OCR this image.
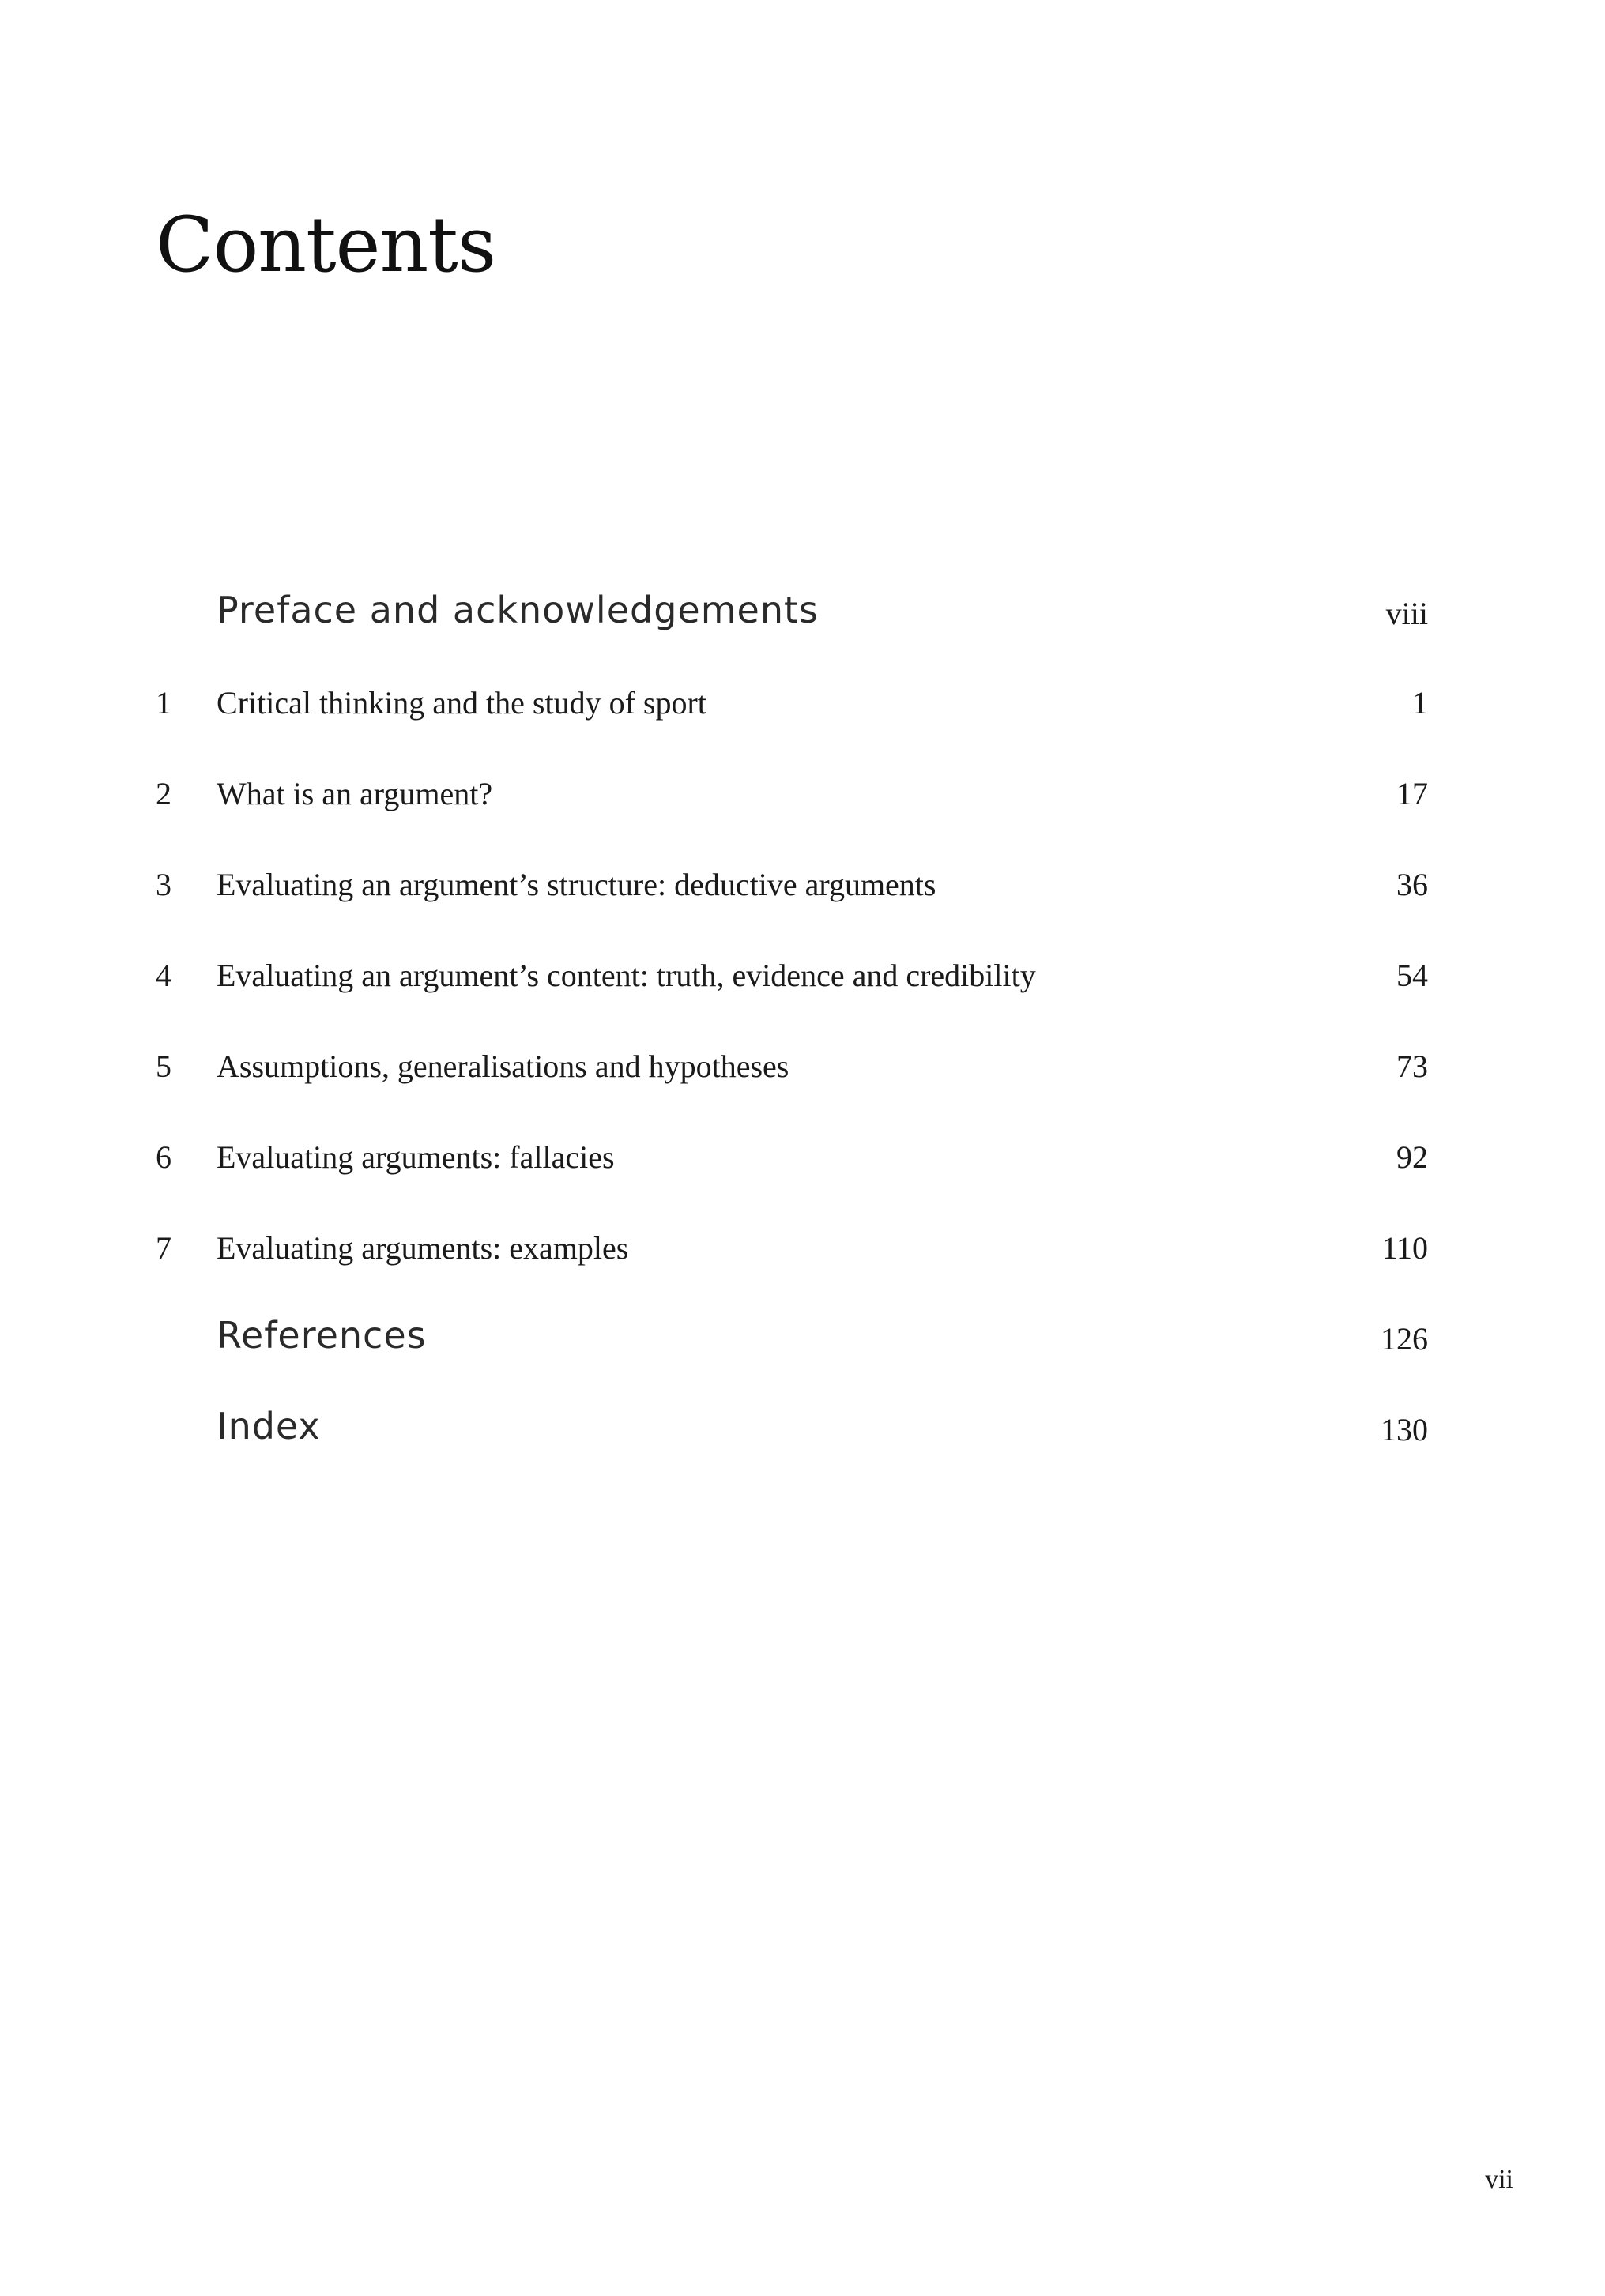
Contents
Preface and acknowledgements	viii
1 Critical thinking and the study of sport	1
2 What is an argument?	17
3 Evaluating an argument’s structure: deductive arguments	36
4 Evaluating an argument’s content: truth, evidence and credibility	54
5 Assumptions, generalisations and hypotheses	73
6 Evaluating arguments: fallacies	92
7 Evaluating arguments: examples	110
References	126
Index	130
vii
